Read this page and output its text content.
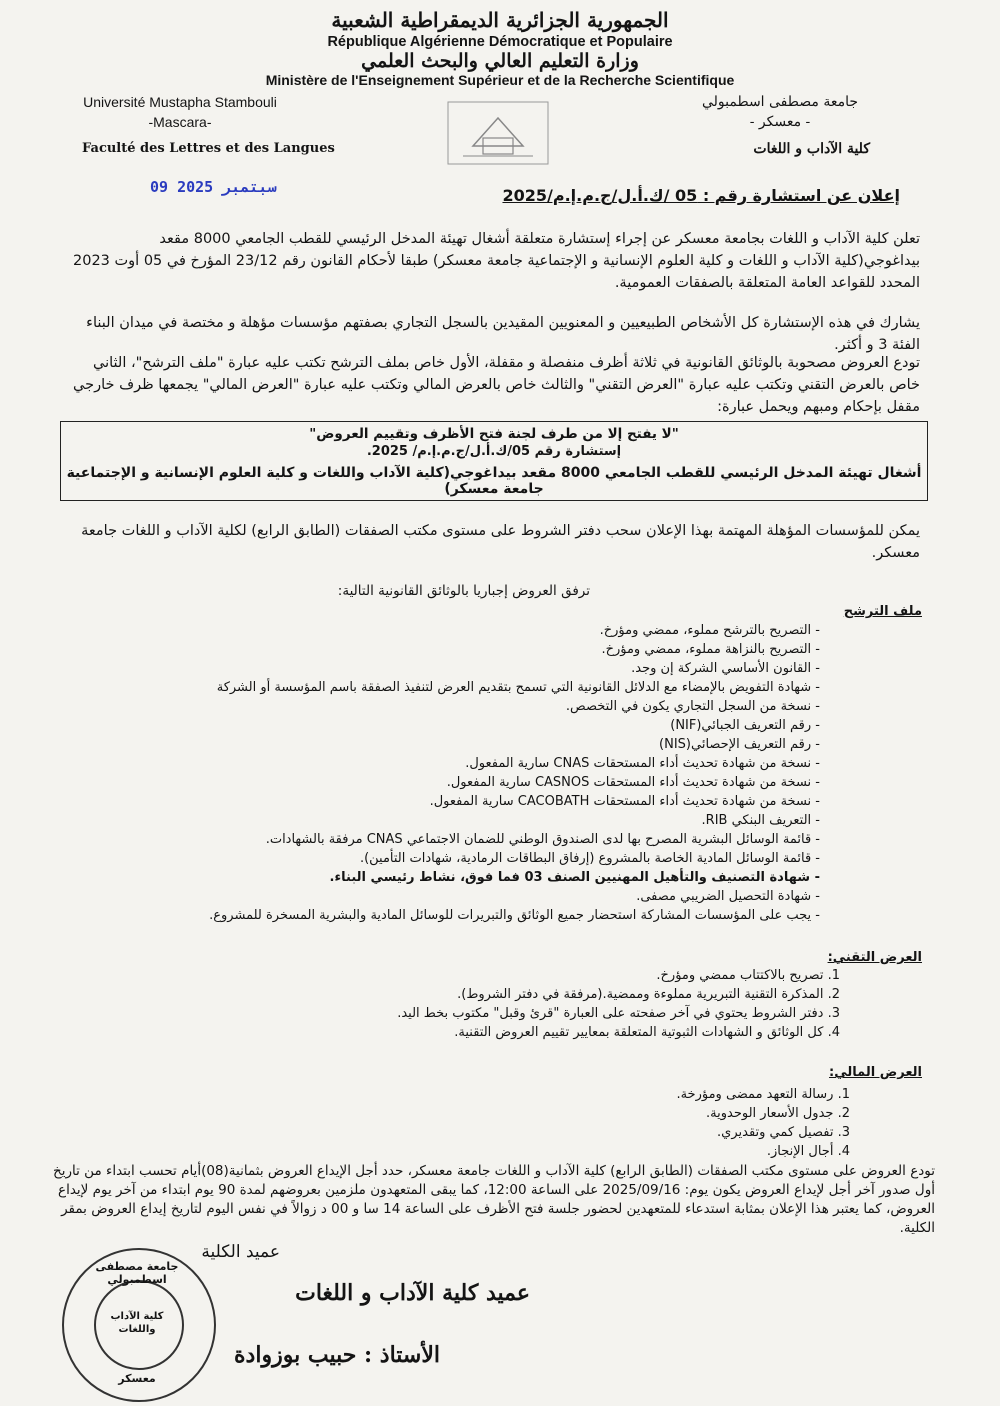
الجمهورية الجزائرية الديمقراطية الشعبية
République Algérienne Démocratique et Populaire
وزارة التعليم العالي والبحث العلمي
Ministère de l'Enseignement Supérieur et de la Recherche Scientifique
Université Mustapha Stambouli
-Mascara-
Faculté des Lettres et des Langues
جامعة مصطفى اسطمبولي
- معسكر -
كلية الآداب و اللغات
09 سبتمبر 2025	إعلان عن استشارة رقم : 05 /ك.أ.ل/ج.م.إ.م/2025
تعلن كلية الآداب و اللغات بجامعة معسكر عن إجراء إستشارة متعلقة أشغال تهيئة المدخل الرئيسي للقطب الجامعي 8000 مقعد بيداغوجي(كلية الآداب و اللغات و كلية العلوم الإنسانية و الإجتماعية جامعة معسكر) طبقا لأحكام القانون رقم 23/12 المؤرخ في 05 أوت 2023 المحدد للقواعد العامة المتعلقة بالصفقات العمومية.
يشارك في هذه الإستشارة كل الأشخاص الطبيعيين و المعنويين المقيدين بالسجل التجاري بصفتهم مؤسسات مؤهلة و مختصة في ميدان البناء الفئة 3 و أكثر.
تودع العروض مصحوبة بالوثائق القانونية في ثلاثة أظرف منفصلة و مقفلة، الأول خاص بملف الترشح تكتب عليه عبارة "ملف الترشح"، الثاني خاص بالعرض التقني وتكتب عليه عبارة "العرض التقني" والثالث خاص بالعرض المالي وتكتب عليه عبارة "العرض المالي" يجمعها ظرف خارجي مقفل بإحكام ومبهم ويحمل عبارة:
"لا يفتح إلا من طرف لجنة فتح الأظرف وتقييم العروض"
إستشارة رقم 05/ك.أ.ل/ج.م.إ.م/ 2025.
أشغال تهيئة المدخل الرئيسي للقطب الجامعي 8000 مقعد بيداغوجي(كلية الآداب واللغات و كلية العلوم الإنسانية و الإجتماعية جامعة معسكر)
يمكن للمؤسسات المؤهلة المهتمة بهذا الإعلان سحب دفتر الشروط على مستوى مكتب الصفقات (الطابق الرابع) لكلية الآداب و اللغات جامعة معسكر.
ترفق العروض إجباريا بالوثائق القانونية التالية:
ملف الترشح
- التصريح بالترشح مملوء، ممضي ومؤرخ.
- التصريح بالنزاهة مملوء، ممضي ومؤرخ.
- القانون الأساسي الشركة إن وجد.
- شهادة التفويض بالإمضاء مع الدلائل القانونية التي تسمح بتقديم العرض لتنفيذ الصفقة باسم المؤسسة أو الشركة
- نسخة من السجل التجاري يكون في التخصص.
- رقم التعريف الجبائي(NIF)
- رقم التعريف الإحصائي(NIS)
- نسخة من شهادة تحديث أداء المستحقات CNAS سارية المفعول.
- نسخة من شهادة تحديث أداء المستحقات CASNOS سارية المفعول.
- نسخة من شهادة تحديث أداء المستحقات CACOBATH سارية المفعول.
- التعريف البنكي RIB.
- قائمة الوسائل البشرية المصرح بها لدى الصندوق الوطني للضمان الاجتماعي CNAS مرفقة بالشهادات.
- قائمة الوسائل المادية الخاصة بالمشروع (إرفاق البطاقات الرمادية، شهادات التأمين).
- شهادة التصنيف والتأهيل المهنيين الصنف 03 فما فوق، نشاط رئيسي البناء.
- شهادة التحصيل الضريبي مصفى.
- يجب على المؤسسات المشاركة استحضار جميع الوثائق والتبريرات للوسائل المادية والبشرية المسخرة للمشروع.
العرض التقني:
1. تصريح بالاكتتاب ممضي ومؤرخ.
2. المذكرة التقنية التبريرية مملوءة وممضية.(مرفقة في دفتر الشروط).
3. دفتر الشروط يحتوي في آخر صفحته على العبارة "قرئ وقبل" مكتوب بخط اليد.
4. كل الوثائق و الشهادات الثبوتية المتعلقة بمعايير تقييم العروض التقنية.
العرض المالي:
1. رسالة التعهد ممضى ومؤرخة.
2. جدول الأسعار الوحدوية.
3. تفصيل كمي وتقديري.
4. أجال الإنجاز.
تودع العروض على مستوى مكتب الصفقات (الطابق الرابع) كلية الآداب و اللغات جامعة معسكر، حدد أجل الإيداع العروض بثمانية(08)أيام تحسب ابتداء من تاريخ أول صدور آخر أجل لإيداع العروض يكون يوم: 2025/09/16 على الساعة 12:00، كما يبقى المتعهدون ملزمين بعروضهم لمدة 90 يوم ابتداء من آخر يوم لإيداع العروض، كما يعتبر هذا الإعلان بمثابة استدعاء للمتعهدين لحضور جلسة فتح الأظرف على الساعة 14 سا و 00 د زوالاً في نفس اليوم لتاريخ إيداع العروض بمقر الكلية.
عميد الكلية
جامعة مصطفى اسطمبولي
كلية الآداب واللغات
معسكر
عميد كلية الآداب و اللغات
الأستاذ : حبيب بوزوادة
